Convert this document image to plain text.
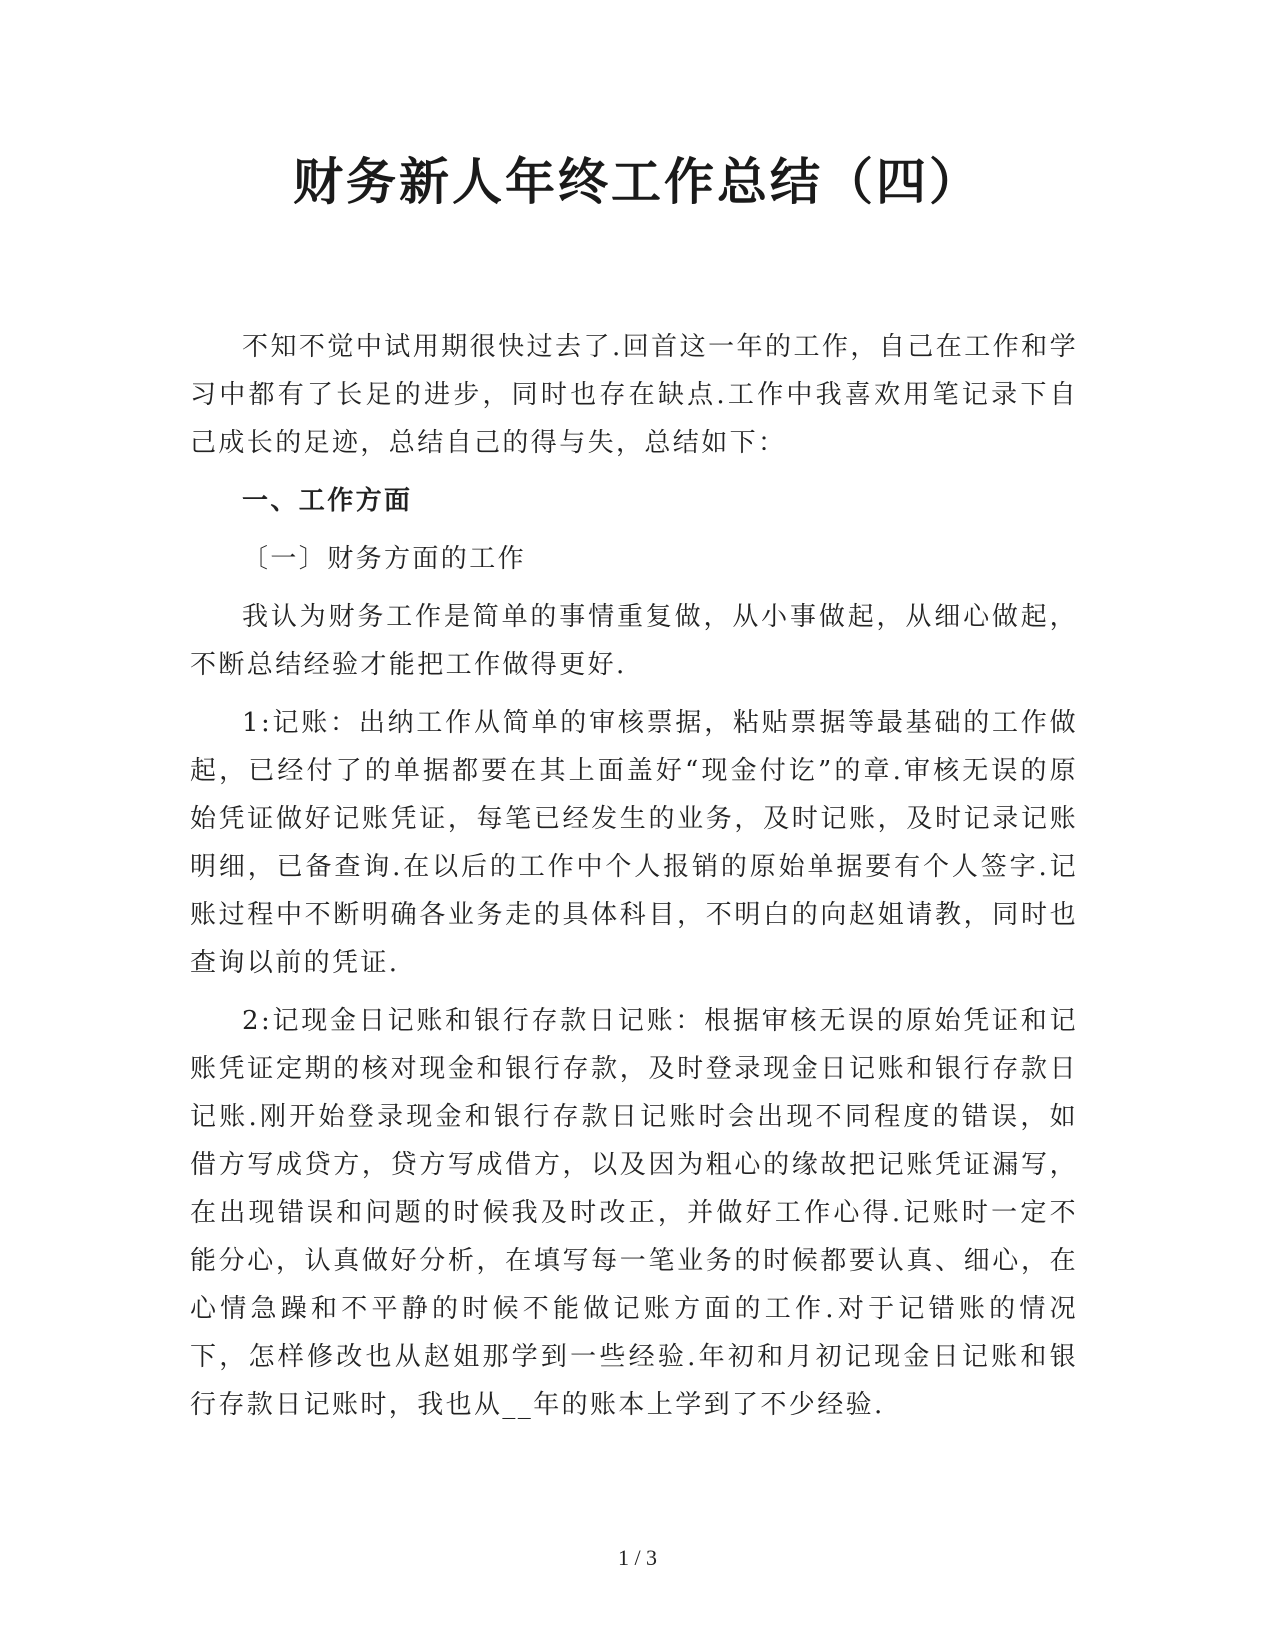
财务新人年终工作总结（四）

不知不觉中试用期很快过去了.回首这一年的工作，自己在工作和学习中都有了长足的进步，同时也存在缺点.工作中我喜欢用笔记录下自己成长的足迹，总结自己的得与失，总结如下：

一、工作方面

〔一〕财务方面的工作

我认为财务工作是简单的事情重复做，从小事做起，从细心做起，不断总结经验才能把工作做得更好.

1:记账：出纳工作从简单的审核票据，粘贴票据等最基础的工作做起，已经付了的单据都要在其上面盖好“现金付讫”的章.审核无误的原始凭证做好记账凭证，每笔已经发生的业务，及时记账，及时记录记账明细，已备查询.在以后的工作中个人报销的原始单据要有个人签字.记账过程中不断明确各业务走的具体科目，不明白的向赵姐请教，同时也查询以前的凭证.

2:记现金日记账和银行存款日记账：根据审核无误的原始凭证和记账凭证定期的核对现金和银行存款，及时登录现金日记账和银行存款日记账.刚开始登录现金和银行存款日记账时会出现不同程度的错误，如借方写成贷方，贷方写成借方，以及因为粗心的缘故把记账凭证漏写，在出现错误和问题的时候我及时改正，并做好工作心得.记账时一定不能分心，认真做好分析，在填写每一笔业务的时候都要认真、细心，在心情急躁和不平静的时候不能做记账方面的工作.对于记错账的情况下，怎样修改也从赵姐那学到一些经验.年初和月初记现金日记账和银行存款日记账时，我也从__年的账本上学到了不少经验.

1 / 3
